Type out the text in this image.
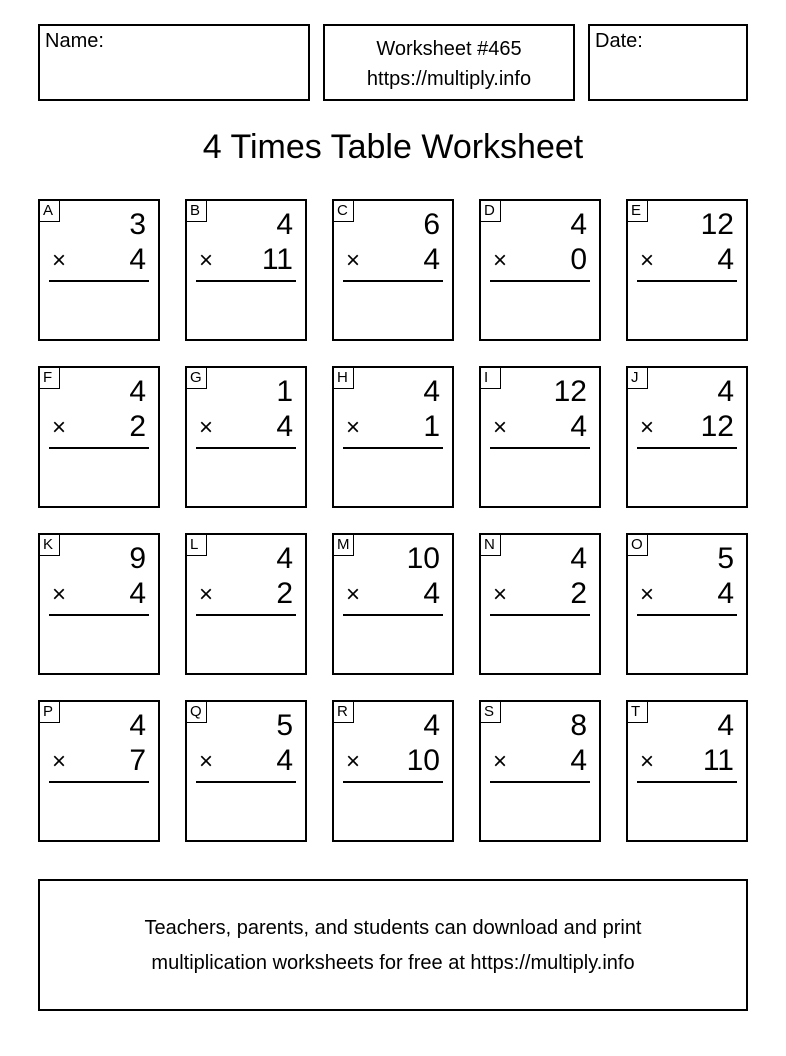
Name:	Worksheet #465
https://multiply.info
Date:
4 Times Table Worksheet
A	3
× 4
B	4
× 11
C	6
× 4
D	4
× 0
E 12
× 4
F	4
× 2
G 1
× 4
H	4
× 1
I	12
× 4
J	4
× 12
K	9
× 4
L	4
× 2
M 10
× 4
N	4
× 2
O 5
× 4
P	4
× 7
Q 5
× 4
R	4
× 10
S	8
× 4
T	4
× 11
Teachers, parents, and students can download and print
multiplication worksheets for free at https://multiply.info
